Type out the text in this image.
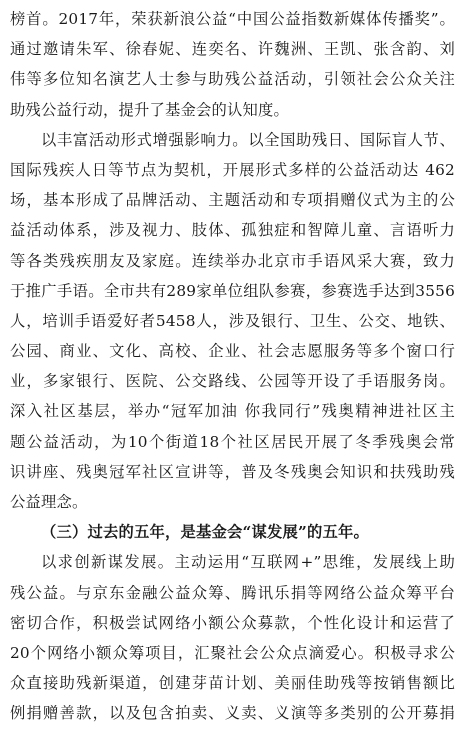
榜首。2017年，荣获新浪公益“中国公益指数新媒体传播奖”。
通过邀请朱军、徐春妮、连奕名、许魏洲、王凯、张含韵、刘
伟等多位知名演艺人士参与助残公益活动，引领社会公众关注
助残公益行动，提升了基金会的认知度。
以丰富活动形式增强影响力。以全国助残日、国际盲人节、
国际残疾人日等节点为契机，开展形式多样的公益活动达 462
场，基本形成了品牌活动、主题活动和专项捐赠仪式为主的公
益活动体系，涉及视力、肢体、孤独症和智障儿童、言语听力
等各类残疾朋友及家庭。连续举办北京市手语风采大赛，致力
于推广手语。全市共有289家单位组队参赛，参赛选手达到3556
人，培训手语爱好者5458人，涉及银行、卫生、公交、地铁、
公园、商业、文化、高校、企业、社会志愿服务等多个窗口行
业，多家银行、医院、公交路线、公园等开设了手语服务岗。
深入社区基层，举办“冠军加油 你我同行”残奥精神进社区主
题公益活动，为10个街道18个社区居民开展了冬季残奥会常
识讲座、残奥冠军社区宣讲等，普及冬残奥会知识和扶残助残
公益理念。
（三）过去的五年，是基金会“谋发展”的五年。
以求创新谋发展。主动运用“互联网+”思维，发展线上助
残公益。与京东金融公益众筹、腾讯乐捐等网络公益众筹平台
密切合作，积极尝试网络小额公众募款，个性化设计和运营了
20个网络小额众筹项目，汇聚社会公众点滴爱心。积极寻求公
众直接助残新渠道，创建芽苗计划、美丽佳助残等按销售额比
例捐赠善款，以及包含拍卖、义卖、义演等多类别的公开募捐
